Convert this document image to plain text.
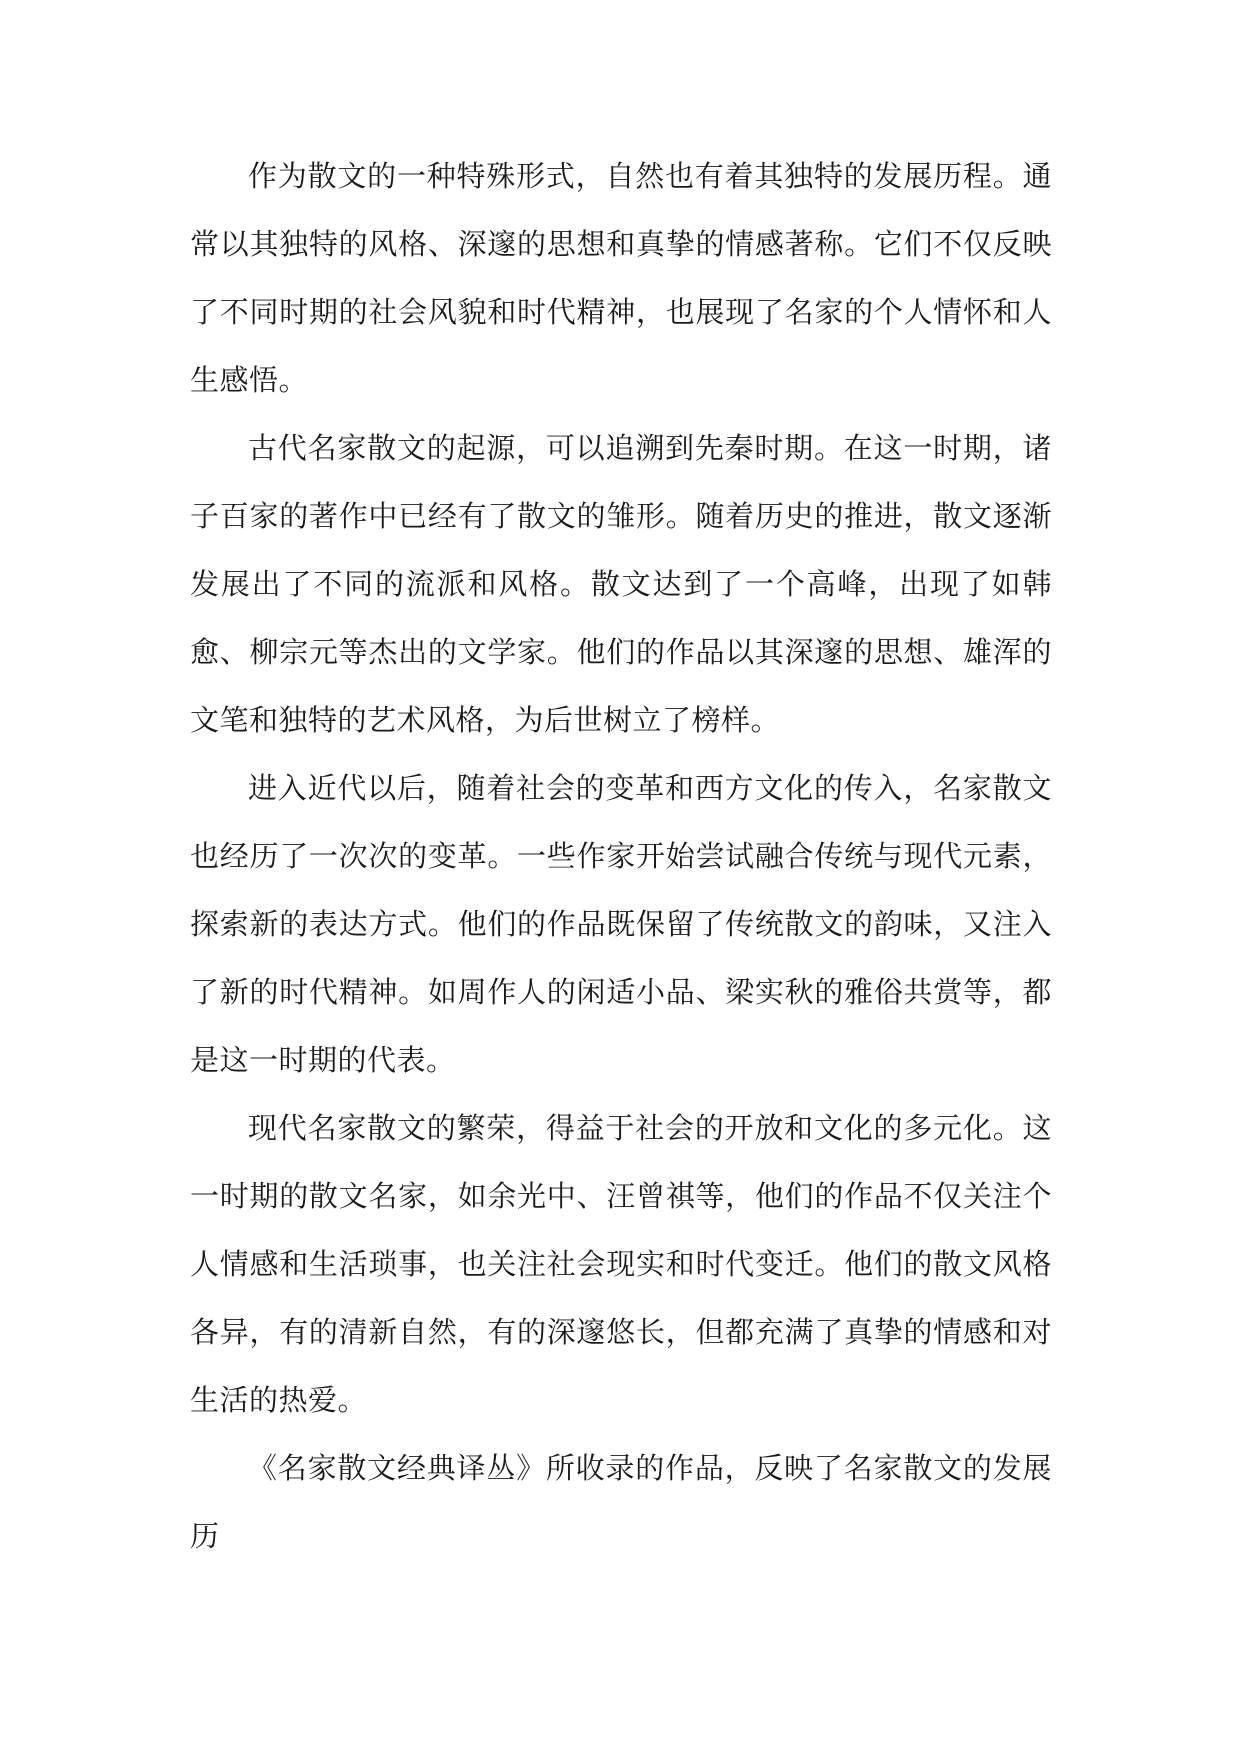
作为散文的一种特殊形式，自然也有着其独特的发展历程。通常以其独特的风格、深邃的思想和真挚的情感著称。它们不仅反映了不同时期的社会风貌和时代精神，也展现了名家的个人情怀和人生感悟。

古代名家散文的起源，可以追溯到先秦时期。在这一时期，诸子百家的著作中已经有了散文的雏形。随着历史的推进，散文逐渐发展出了不同的流派和风格。散文达到了一个高峰，出现了如韩愈、柳宗元等杰出的文学家。他们的作品以其深邃的思想、雄浑的文笔和独特的艺术风格，为后世树立了榜样。

进入近代以后，随着社会的变革和西方文化的传入，名家散文也经历了一次次的变革。一些作家开始尝试融合传统与现代元素，探索新的表达方式。他们的作品既保留了传统散文的韵味，又注入了新的时代精神。如周作人的闲适小品、梁实秋的雅俗共赏等，都是这一时期的代表。

现代名家散文的繁荣，得益于社会的开放和文化的多元化。这一时期的散文名家，如余光中、汪曾祺等，他们的作品不仅关注个人情感和生活琐事，也关注社会现实和时代变迁。他们的散文风格各异，有的清新自然，有的深邃悠长，但都充满了真挚的情感和对生活的热爱。

《名家散文经典译丛》所收录的作品，反映了名家散文的发展历
